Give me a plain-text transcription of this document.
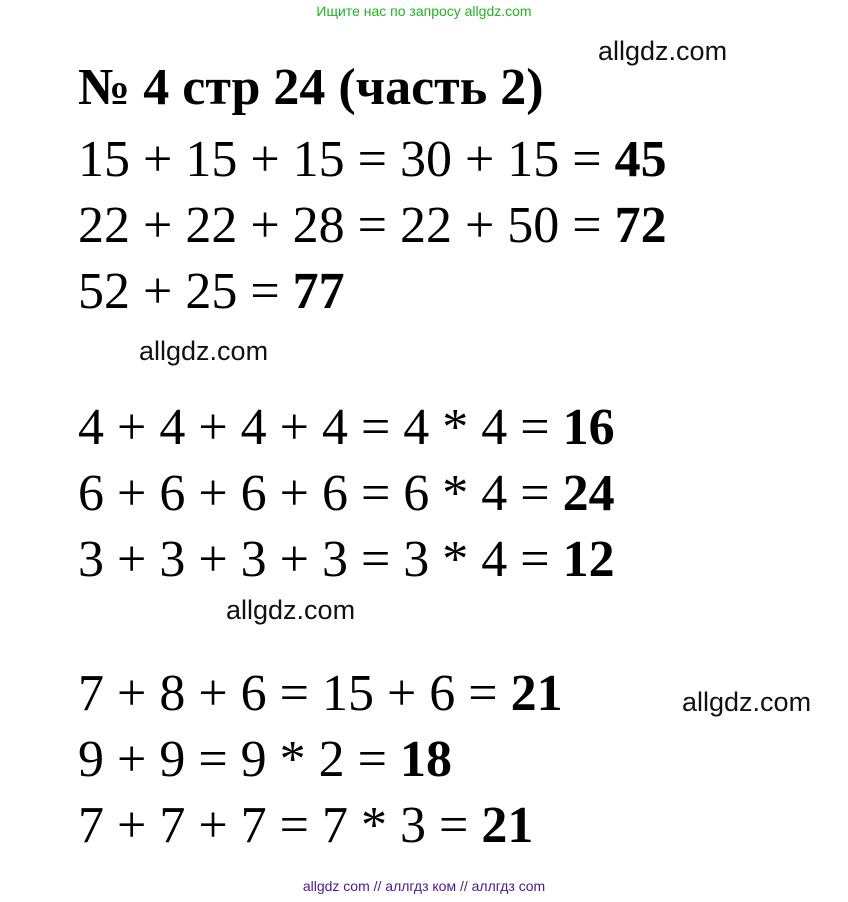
Ищите нас по запросу allgdz.com
allgdz.com
№ 4 стр 24 (часть 2)
15 + 15 + 15 = 30 + 15 = 45
22 + 22 + 28 = 22 + 50 = 72
52 + 25 = 77
allgdz.com
4 + 4 + 4 + 4 = 4 * 4 = 16
6 + 6 + 6 + 6 = 6 * 4 = 24
3 + 3 + 3 + 3 = 3 * 4 = 12
allgdz.com
7 + 8 + 6 = 15 + 6 = 21	allgdz.com
9 + 9 = 9 * 2 = 18
7 + 7 + 7 = 7 * 3 = 21
allgdz com // аллгдз ком // аллгдз com
